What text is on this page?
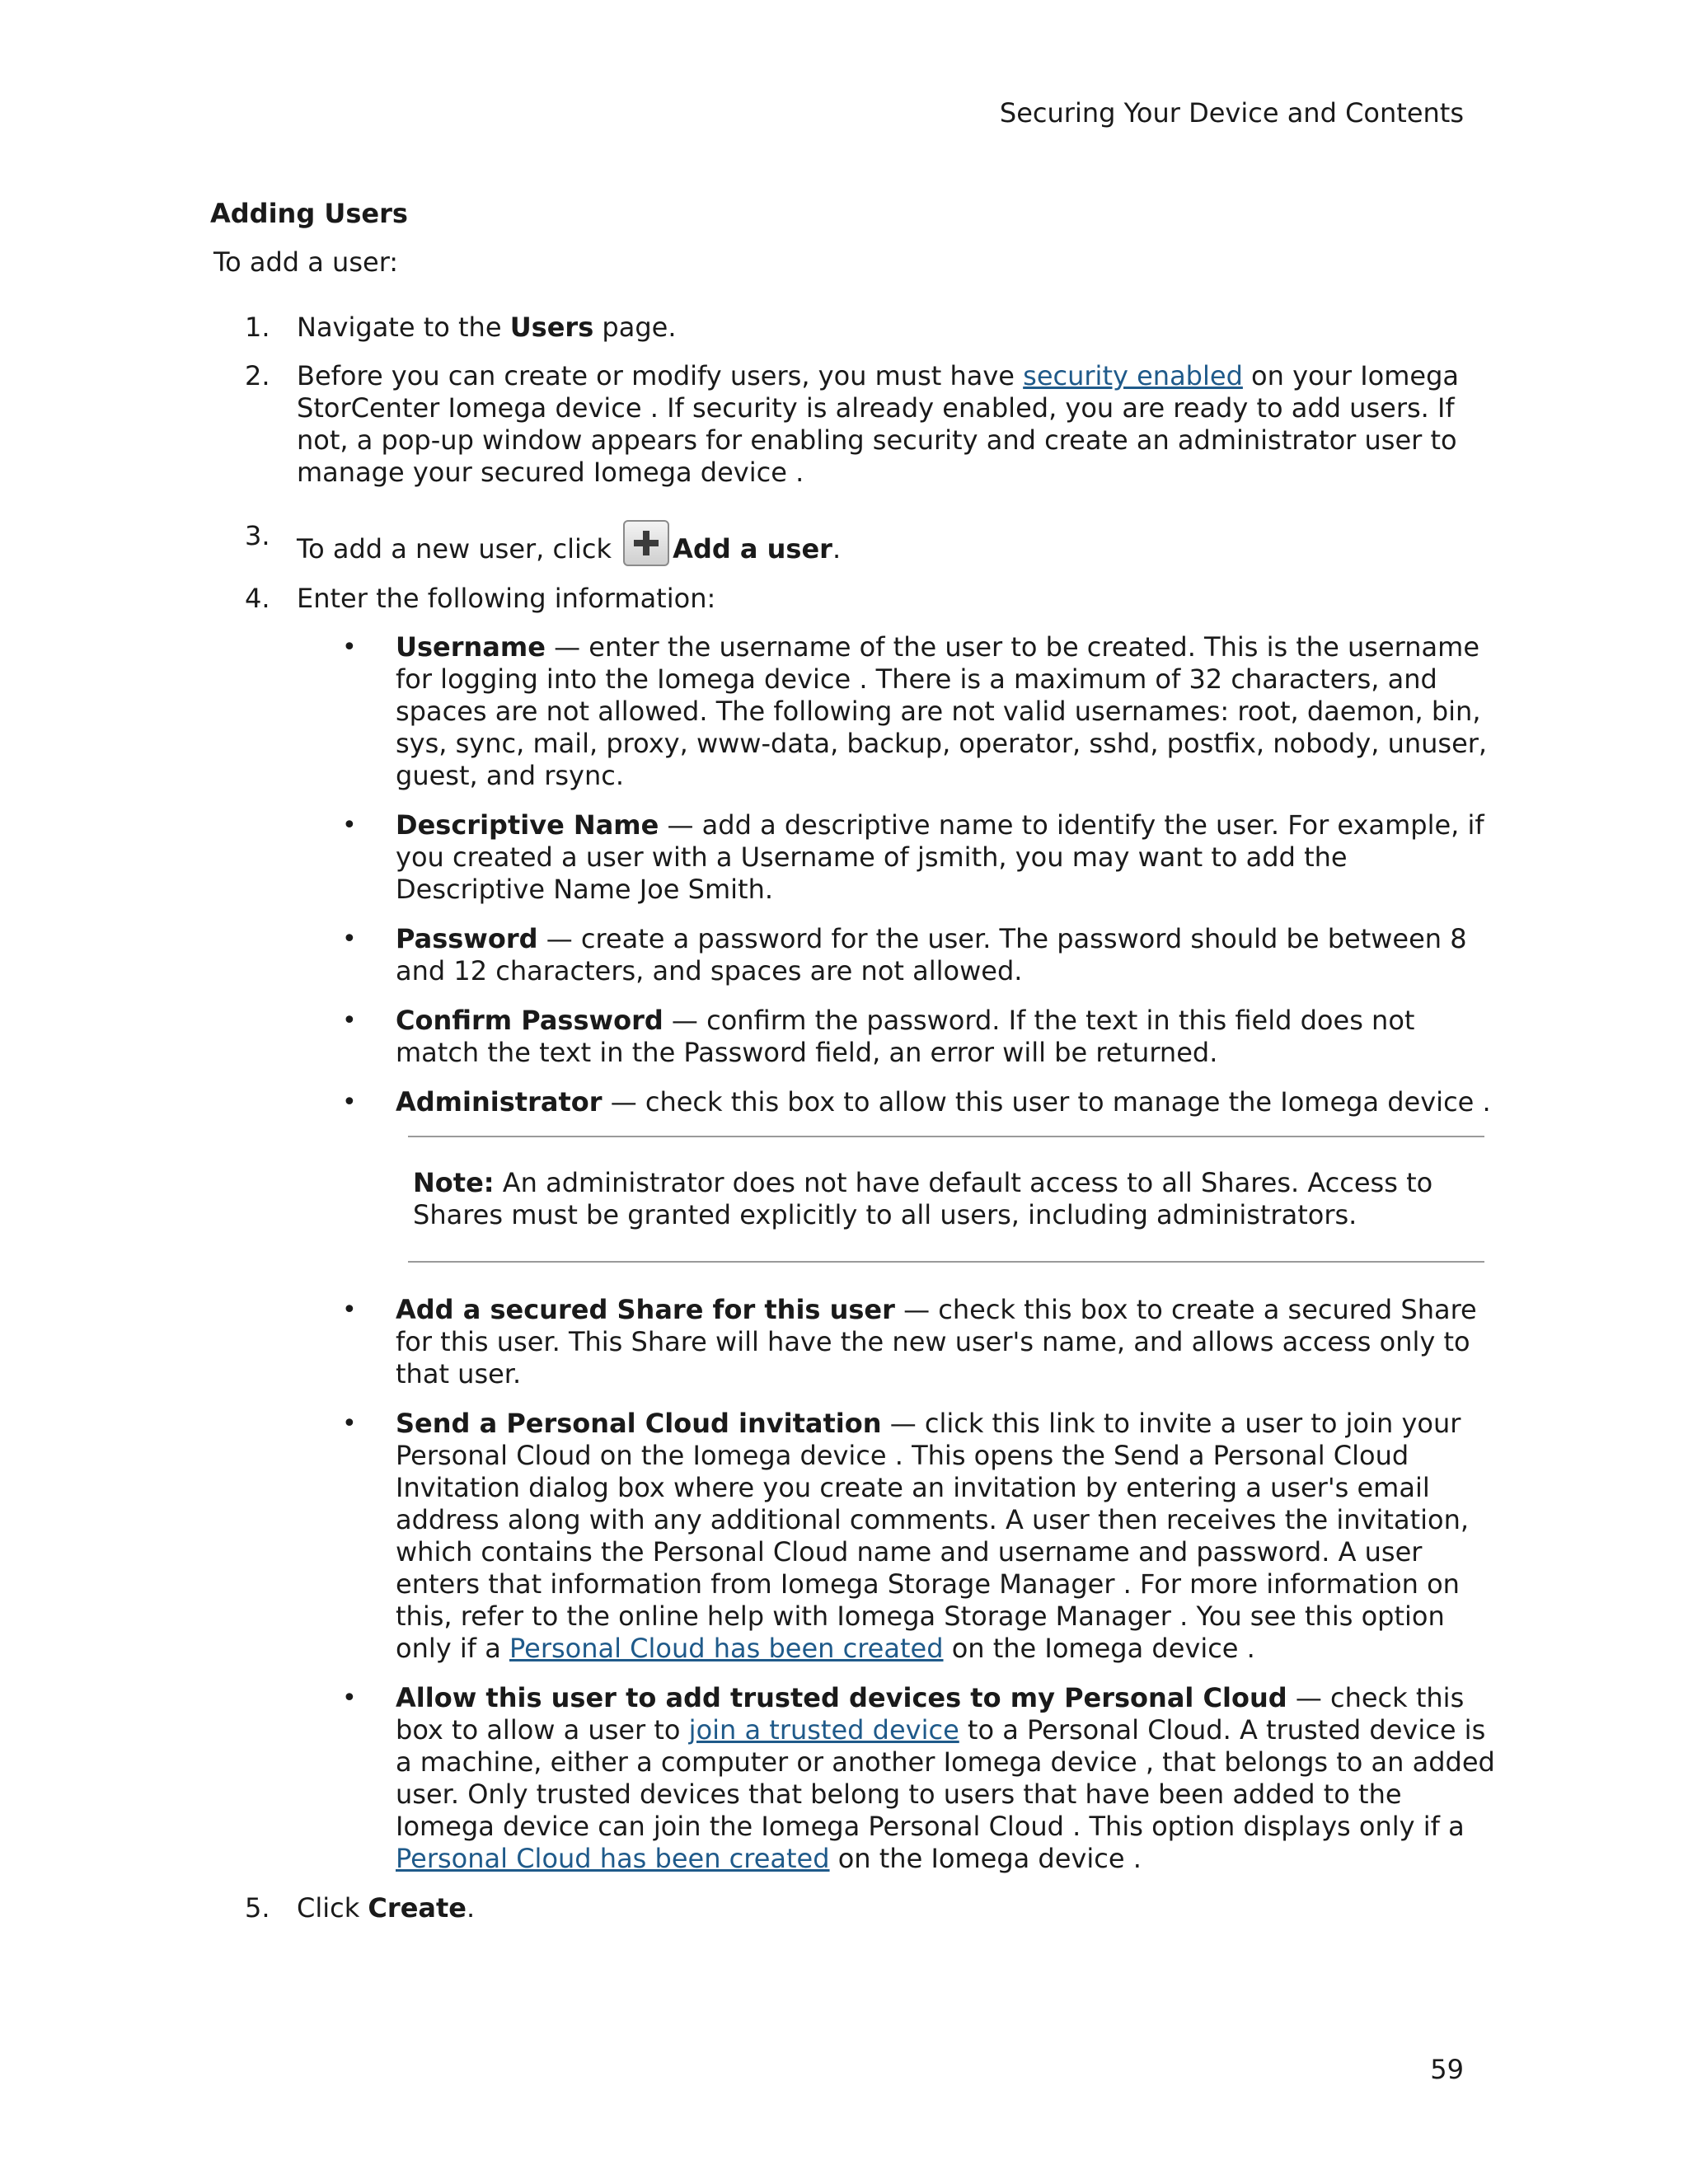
Securing Your Device and Contents
Adding Users
To add a user:
1. Navigate to the Users page.
2. Before you can create or modify users, you must have security enabled on your Iomega StorCenter Iomega device . If security is already enabled, you are ready to add users. If not, a pop-up window appears for enabling security and create an administrator user to manage your secured Iomega device .
3. To add a new user, click Add a user.
4. Enter the following information:
• Username — enter the username of the user to be created. This is the username for logging into the Iomega device . There is a maximum of 32 characters, and spaces are not allowed. The following are not valid usernames: root, daemon, bin, sys, sync, mail, proxy, www-data, backup, operator, sshd, postfix, nobody, unuser, guest, and rsync.
• Descriptive Name — add a descriptive name to identify the user. For example, if you created a user with a Username of jsmith, you may want to add the Descriptive Name Joe Smith.
• Password — create a password for the user. The password should be between 8 and 12 characters, and spaces are not allowed.
• Confirm Password — confirm the password. If the text in this field does not match the text in the Password field, an error will be returned.
• Administrator — check this box to allow this user to manage the Iomega device .
Note: An administrator does not have default access to all Shares. Access to Shares must be granted explicitly to all users, including administrators.
• Add a secured Share for this user — check this box to create a secured Share for this user. This Share will have the new user's name, and allows access only to that user.
• Send a Personal Cloud invitation — click this link to invite a user to join your Personal Cloud on the Iomega device . This opens the Send a Personal Cloud Invitation dialog box where you create an invitation by entering a user's email address along with any additional comments. A user then receives the invitation, which contains the Personal Cloud name and username and password. A user enters that information from Iomega Storage Manager . For more information on this, refer to the online help with Iomega Storage Manager . You see this option only if a Personal Cloud has been created on the Iomega device .
• Allow this user to add trusted devices to my Personal Cloud — check this box to allow a user to join a trusted device to a Personal Cloud. A trusted device is a machine, either a computer or another Iomega device , that belongs to an added user. Only trusted devices that belong to users that have been added to the Iomega device can join the Iomega Personal Cloud . This option displays only if a Personal Cloud has been created on the Iomega device .
5. Click Create.
59
